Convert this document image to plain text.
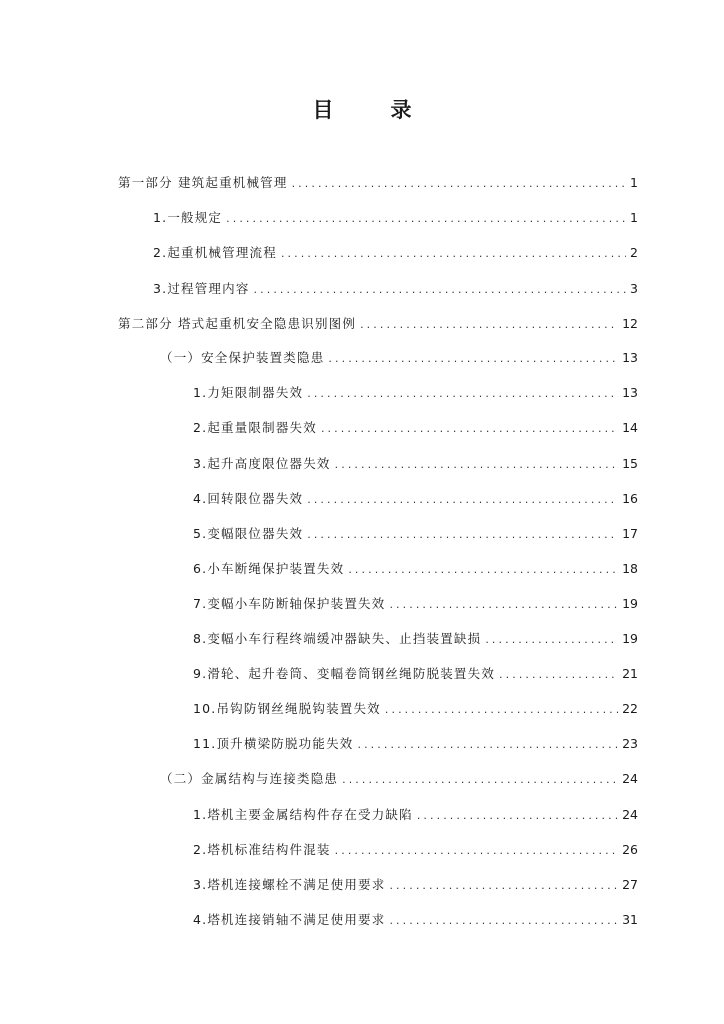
目　录
第一部分 建筑起重机械管理 .....	1
1.一般规定 .....	1
2.起重机械管理流程 .....	2
3.过程管理内容 .....	3
第二部分 塔式起重机安全隐患识别图例 .....	12
（一）安全保护装置类隐患 .....	13
1.力矩限制器失效 .....	13
2.起重量限制器失效 .....	14
3.起升高度限位器失效 .....	15
4.回转限位器失效 .....	16
5.变幅限位器失效 .....	17
6.小车断绳保护装置失效 .....	18
7.变幅小车防断轴保护装置失效 .....	19
8.变幅小车行程终端缓冲器缺失、止挡装置缺损 .....	19
9.滑轮、起升卷筒、变幅卷筒钢丝绳防脱装置失效 .....	21
10.吊钩防钢丝绳脱钩装置失效 .....	22
11.顶升横梁防脱功能失效 .....	23
（二）金属结构与连接类隐患 .....	24
1.塔机主要金属结构件存在受力缺陷 .....	24
2.塔机标准结构件混装 .....	26
3.塔机连接螺栓不满足使用要求 .....	27
4.塔机连接销轴不满足使用要求 .....	31
